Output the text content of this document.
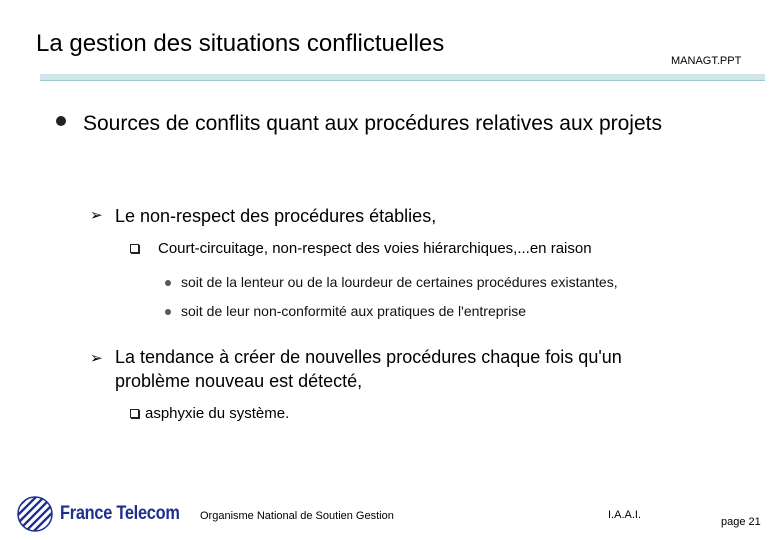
La gestion des situations conflictuelles
MANAGT.PPT
Sources de conflits quant aux procédures relatives aux projets
➢ Le non-respect des procédures établies,
Court-circuitage, non-respect des voies hiérarchiques,...en raison
soit de la lenteur ou de la lourdeur de certaines procédures existantes,
soit de leur non-conformité aux pratiques de l'entreprise
➢ La tendance à créer de nouvelles procédures chaque fois qu'un problème nouveau est détecté,
asphyxie du système.
France Telecom Organisme National de Soutien Gestion	I.A.A.I.
page 21
